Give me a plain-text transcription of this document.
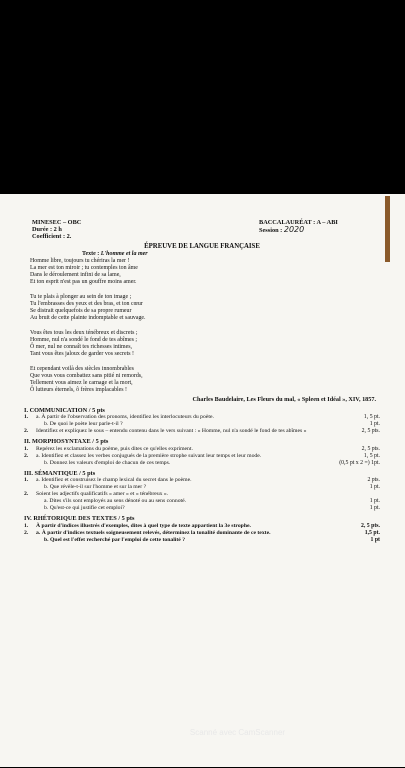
MINESEC – OBC
Durée : 2 h
Coefficient : 2.
BACCALAURÉAT : A – ABI
Session : 2020
ÉPREUVE DE LANGUE FRANÇAISE
Texte : L'homme et la mer
Homme libre, toujours tu chériras la mer !
La mer est ton miroir ; tu contemples ton âme
Dans le déroulement infini de sa lame,
Et ton esprit n'est pas un gouffre moins amer.
Tu te plais à plonger au sein de ton image ;
Tu l'embrasses des yeux et des bras, et ton cœur
Se distrait quelquefois de sa propre rumeur
Au bruit de cette plainte indomptable et sauvage.
Vous êtes tous les deux ténébreux et discrets ;
Homme, nul n'a sondé le fond de tes abîmes ;
Ô mer, nul ne connaît tes richesses intimes,
Tant vous êtes jaloux de garder vos secrets !
Et cependant voilà des siècles innombrables
Que vous vous combattez sans pitié ni remords,
Tellement vous aimez le carnage et la mort,
Ô lutteurs éternels, ô frères implacables !
Charles Baudelaire, Les Fleurs du mal, « Spleen et Idéal », XIV, 1857.
I. COMMUNICATION / 5 pts
1. a. À partir de l'observation des pronoms, identifiez les interlocuteurs du poète.	1, 5 pt.
b. De quoi le poète leur parle-t-il ?	1 pt.
2. Identifiez et expliquez le sous – entendu contenu dans le vers suivant : « Homme, nul n'a sondé le fond de tes abîmes »	2, 5 pts.
II. MORPHOSYNTAXE / 5 pts
1. Repérez les exclamations du poème, puis dites ce qu'elles expriment.	2, 5 pts.
2. a. Identifiez et classez les verbes conjugués de la première strophe suivant leur temps et leur mode.	1, 5 pt.
b. Donnez les valeurs d'emploi de chacun de ces temps.	(0,5 pt x 2 =) 1pt.
III. SÉMANTIQUE / 5 pts
1. a. Identifiez et construisez le champ lexical du secret dans le poème.	2 pts.
b. Que révèle-t-il sur l'homme et sur la mer ?	1 pt.
2. Soient les adjectifs qualificatifs « amer » et « ténébreux ».
a. Dites s'ils sont employés au sens dénoté ou au sens connoté.	1 pt.
b. Qu'est-ce qui justifie cet emploi?	1 pt.
IV. RHÉTORIQUE DES TEXTES / 5 pts
1. À partir d'indices illustrés d'exemples, dites à quel type de texte appartient la 3e strophe.	2, 5 pts.
2. a. À partir d'indices textuels soigneusement relevés, déterminez la tonalité dominante de ce texte.	1,5 pt.
b. Quel est l'effet recherché par l'emploi de cette tonalité ?	1 pt
Scanné avec CamScanner
